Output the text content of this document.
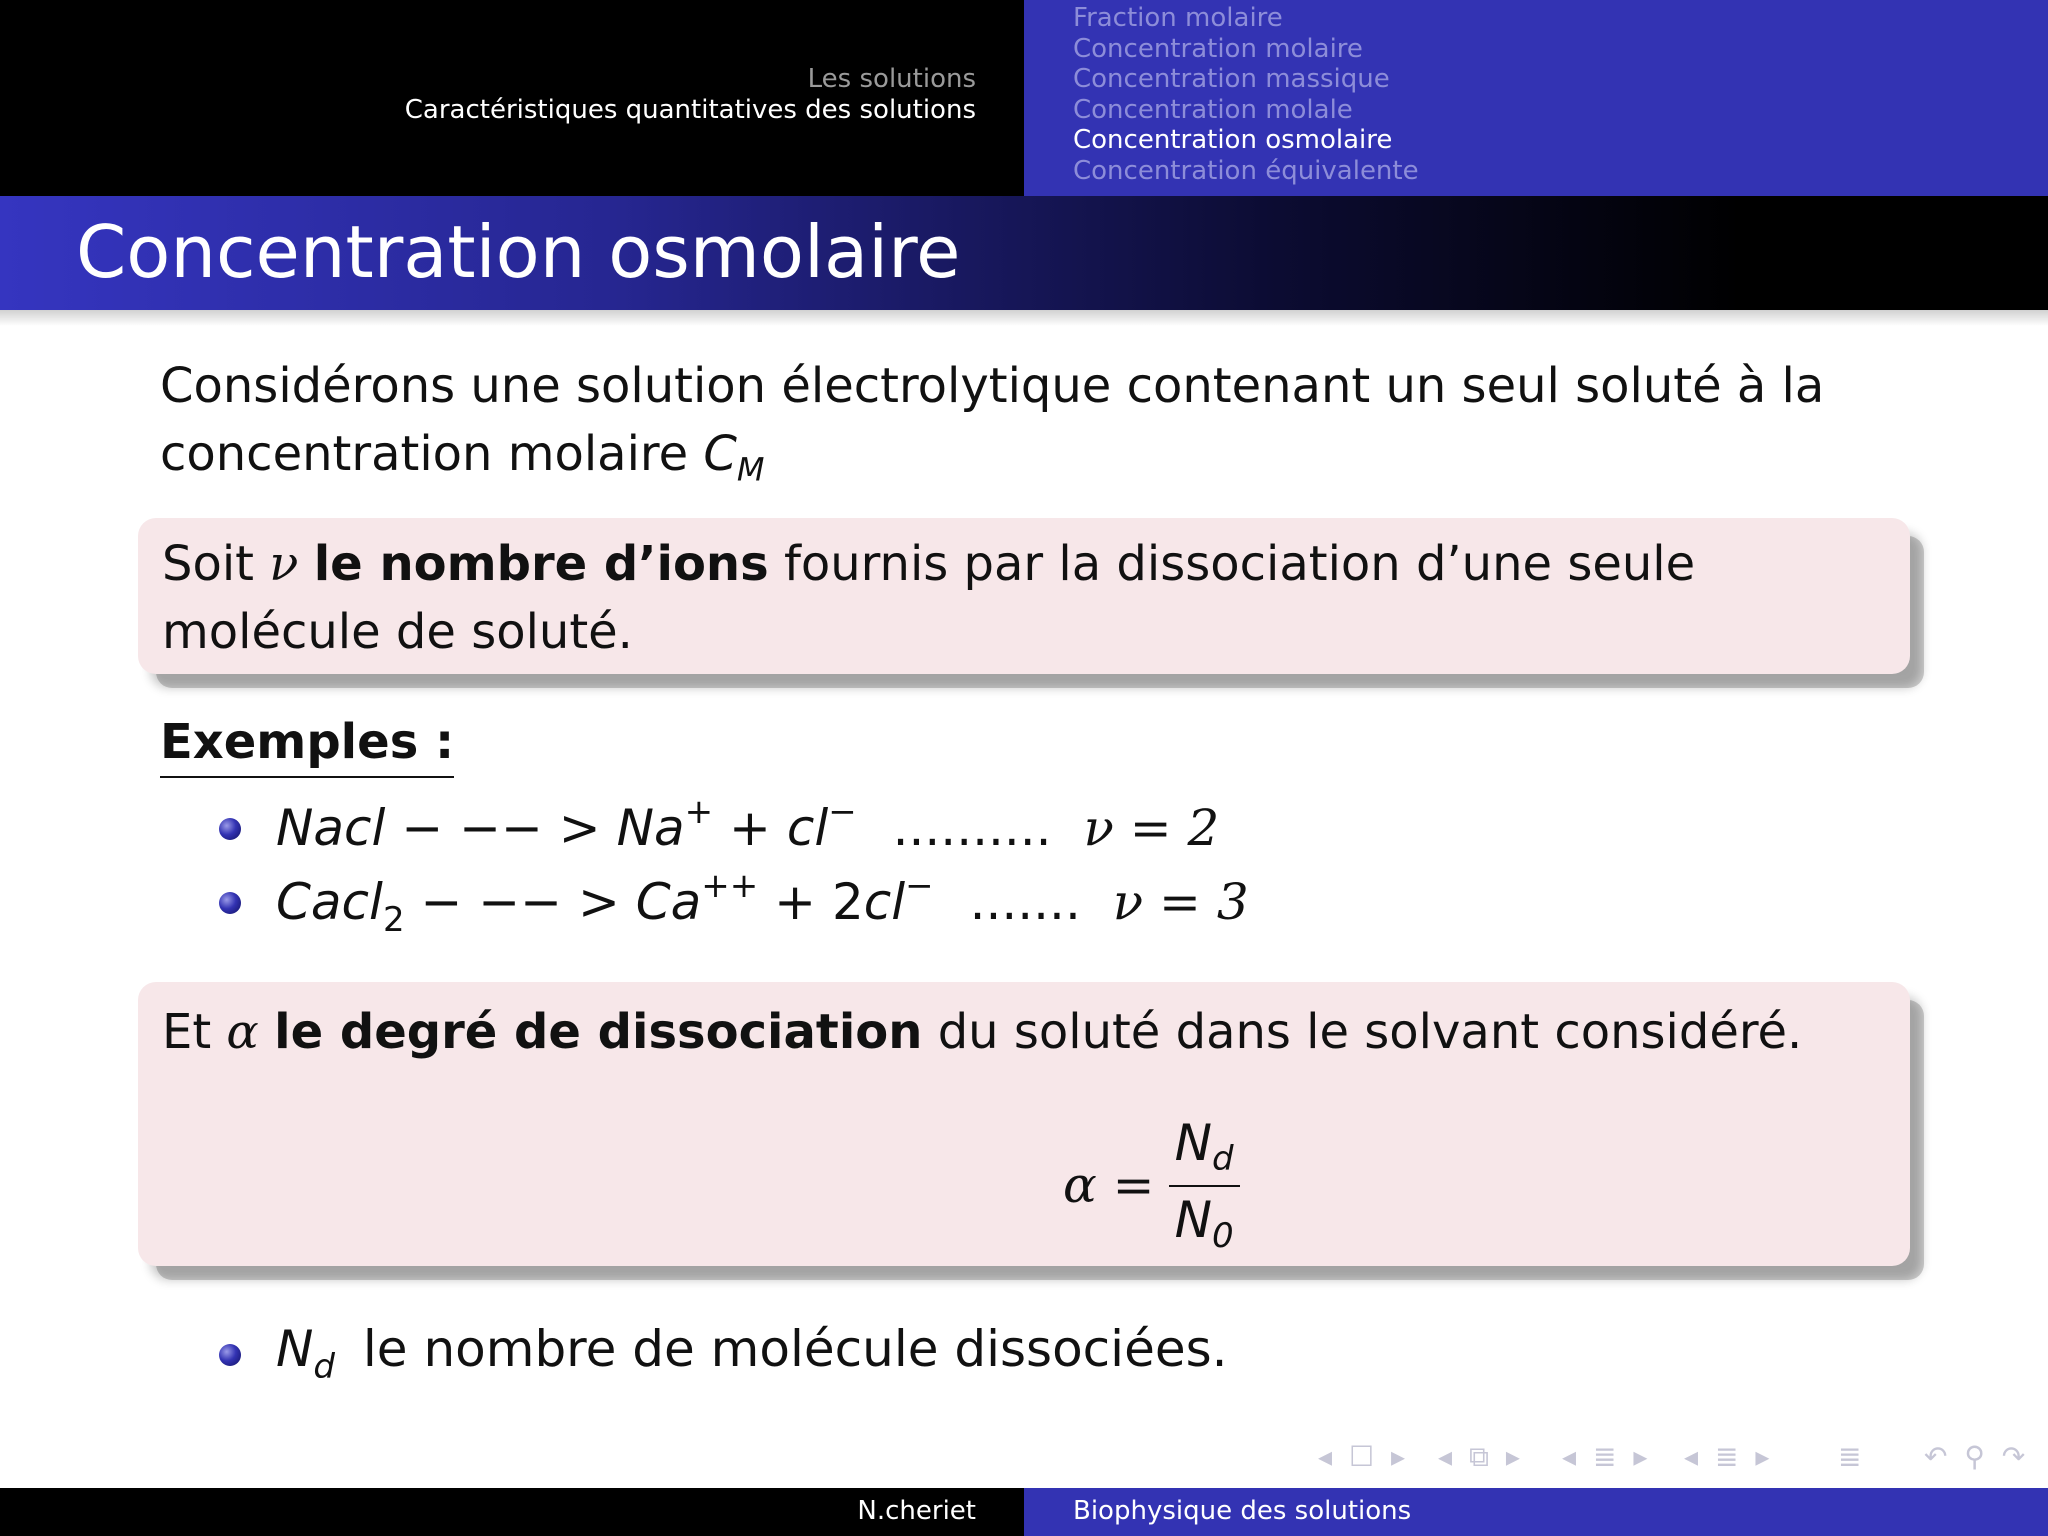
Les solutions
Caractéristiques quantitatives des solutions
Fraction molaire
Concentration molaire
Concentration massique
Concentration molale
Concentration osmolaire
Concentration équivalente
Concentration osmolaire
Considérons une solution électrolytique contenant un seul soluté à la concentration molaire $C_M$
Soit ν le nombre d’ions fournis par la dissociation d’une seule molécule de soluté.
Exemples :
Nacl − −− > Na+ + cl− .......... ν = 2
Cacl$_2$ − −− > Ca++ + 2cl− ....... ν = 3
Et α le degré de dissociation du soluté dans le solvant considéré.
$\alpha = \frac{N_d}{N_0}$
$N_d$ le nombre de molécule dissociées.
◂ ☐ ▸ ◂ ⧉ ▸ ◂ ≣ ▸ ◂ ≣ ▸ ≣ ↶ ⚲ ↷
N.cheriet	Biophysique des solutions
